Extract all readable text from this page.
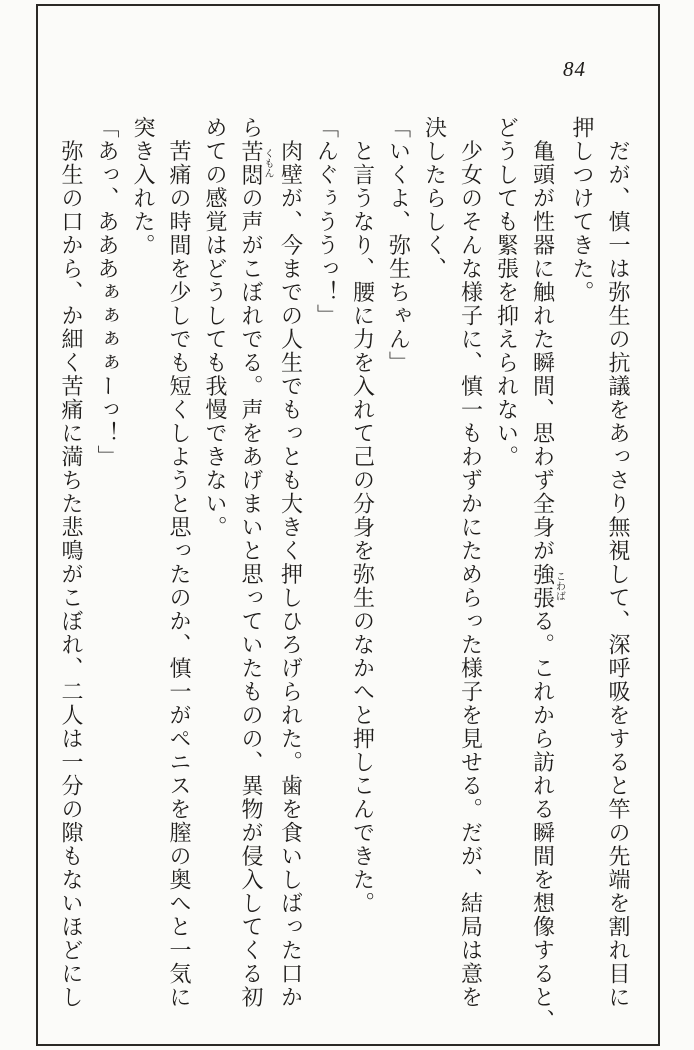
84
　だが、慎一は弥生の抗議をあっさり無視して、深呼吸をすると竿の先端を割れ目に
押しつけてきた。
　亀頭が性器に触れた瞬間、思わず全身が強張こわばる。これから訪れる瞬間を想像すると、
どうしても緊張を抑えられない。
　少女のそんな様子に、慎一もわずかにためらった様子を見せる。だが、結局は意を
決したらしく、
「いくよ、弥生ちゃん」
　と言うなり、腰に力を入れて己の分身を弥生のなかへと押しこんできた。
「んぐぅううっ！」
　肉壁が、今までの人生でもっとも大きく押しひろげられた。歯を食いしばった口か
ら苦悶くもんの声がこぼれでる。声をあげまいと思っていたものの、異物が侵入してくる初
めての感覚はどうしても我慢できない。
　苦痛の時間を少しでも短くしようと思ったのか、慎一がペニスを膣の奥へと一気に
突き入れた。
「あっ、あああぁぁぁぁーっ！」
　弥生の口から、か細く苦痛に満ちた悲鳴がこぼれ、二人は一分の隙もないほどにし
